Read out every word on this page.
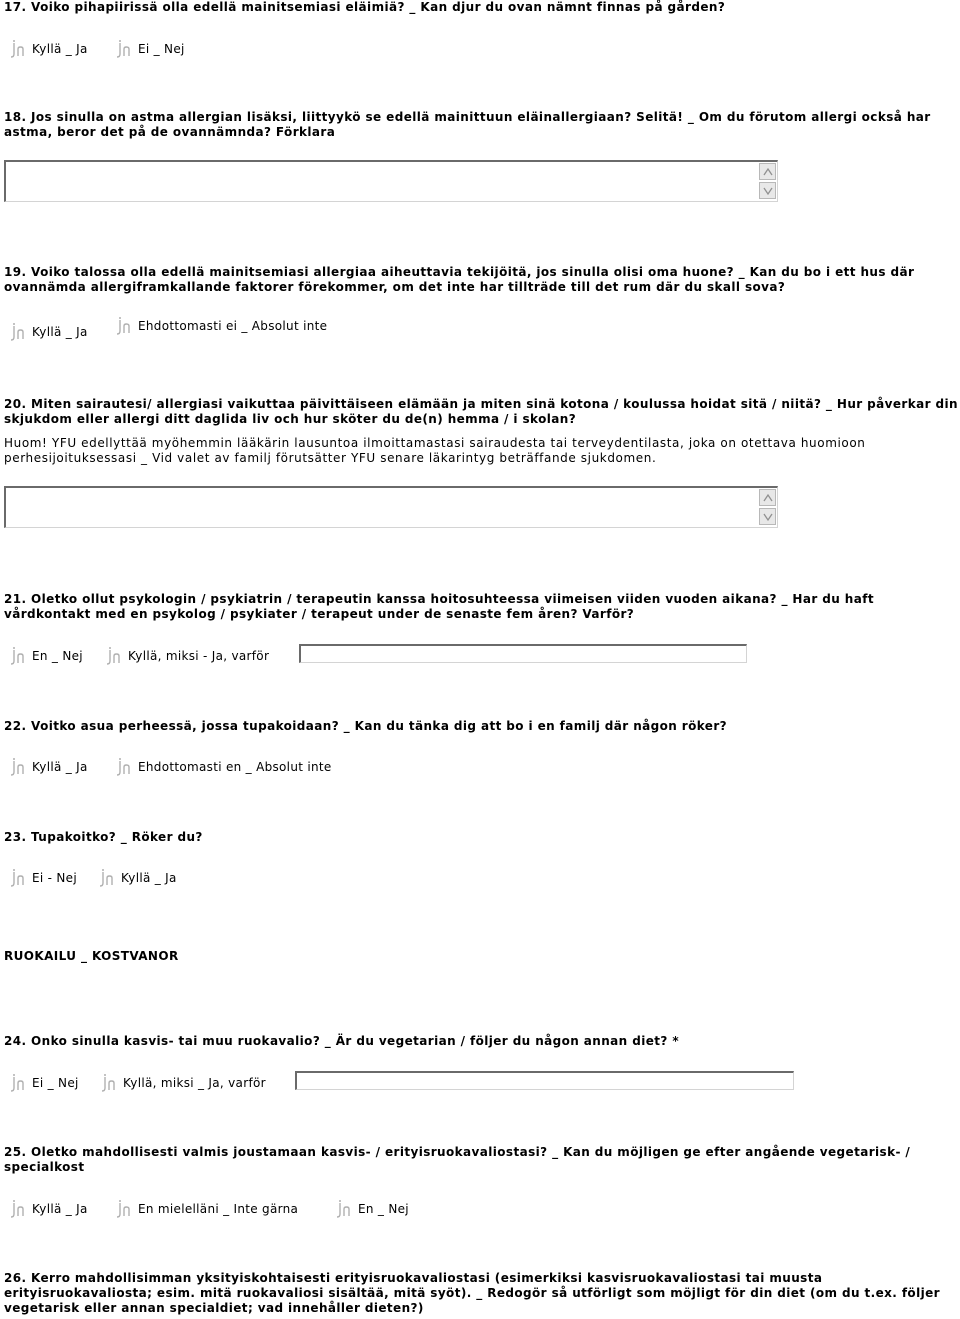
17. Voiko pihapiirissä olla edellä mainitsemiasi eläimiä? _ Kan djur du ovan nämnt finnas på gården?
Kyllä _ Ja	Ei _ Nej
18. Jos sinulla on astma allergian lisäksi, liittyykö se edellä mainittuun eläinallergiaan? Selitä! _ Om du förutom allergi också har astma, beror det på de ovannämnda? Förklara
19. Voiko talossa olla edellä mainitsemiasi allergiaa aiheuttavia tekijöitä, jos sinulla olisi oma huone? _ Kan du bo i ett hus där ovannämda allergiframkallande faktorer förekommer, om det inte har tillträde till det rum där du skall sova?
Kyllä _ Ja	Ehdottomasti ei _ Absolut inte
20. Miten sairautesi/ allergiasi vaikuttaa päivittäiseen elämään ja miten sinä kotona / koulussa hoidat sitä / niitä? _ Hur påverkar din skjukdom eller allergi ditt daglida liv och hur sköter du de(n) hemma / i skolan?
Huom! YFU edellyttää myöhemmin lääkärin lausuntoa ilmoittamastasi sairaudesta tai terveydentilasta, joka on otettava huomioon perhesijoituksessasi _ Vid valet av familj förutsätter YFU senare läkarintyg beträffande sjukdomen.
21. Oletko ollut psykologin / psykiatrin / terapeutin kanssa hoitosuhteessa viimeisen viiden vuoden aikana? _ Har du haft vårdkontakt med en psykolog / psykiater / terapeut under de senaste fem åren? Varför?
En _ Nej	Kyllä, miksi - Ja, varför
22. Voitko asua perheessä, jossa tupakoidaan? _ Kan du tänka dig att bo i en familj där någon röker?
Kyllä _ Ja	Ehdottomasti en _ Absolut inte
23. Tupakoitko? _ Röker du?
Ei - Nej	Kyllä _ Ja
RUOKAILU _ KOSTVANOR
24. Onko sinulla kasvis- tai muu ruokavalio? _ Är du vegetarian / följer du någon annan diet? *
Ei _ Nej	Kyllä, miksi _ Ja, varför
25. Oletko mahdollisesti valmis joustamaan kasvis- / erityisruokavaliostasi? _ Kan du möjligen ge efter angående vegetarisk- / specialkost
Kyllä _ Ja	En mielelläni _ Inte gärna	En _ Nej
26. Kerro mahdollisimman yksityiskohtaisesti erityisruokavaliostasi (esimerkiksi kasvisruokavaliostasi tai muusta erityisruokavaliosta; esim. mitä ruokavaliosi sisältää, mitä syöt). _ Redogör så utförligt som möjligt för din diet (om du t.ex. följer vegetarisk eller annan specialdiet; vad innehåller dieten?)
